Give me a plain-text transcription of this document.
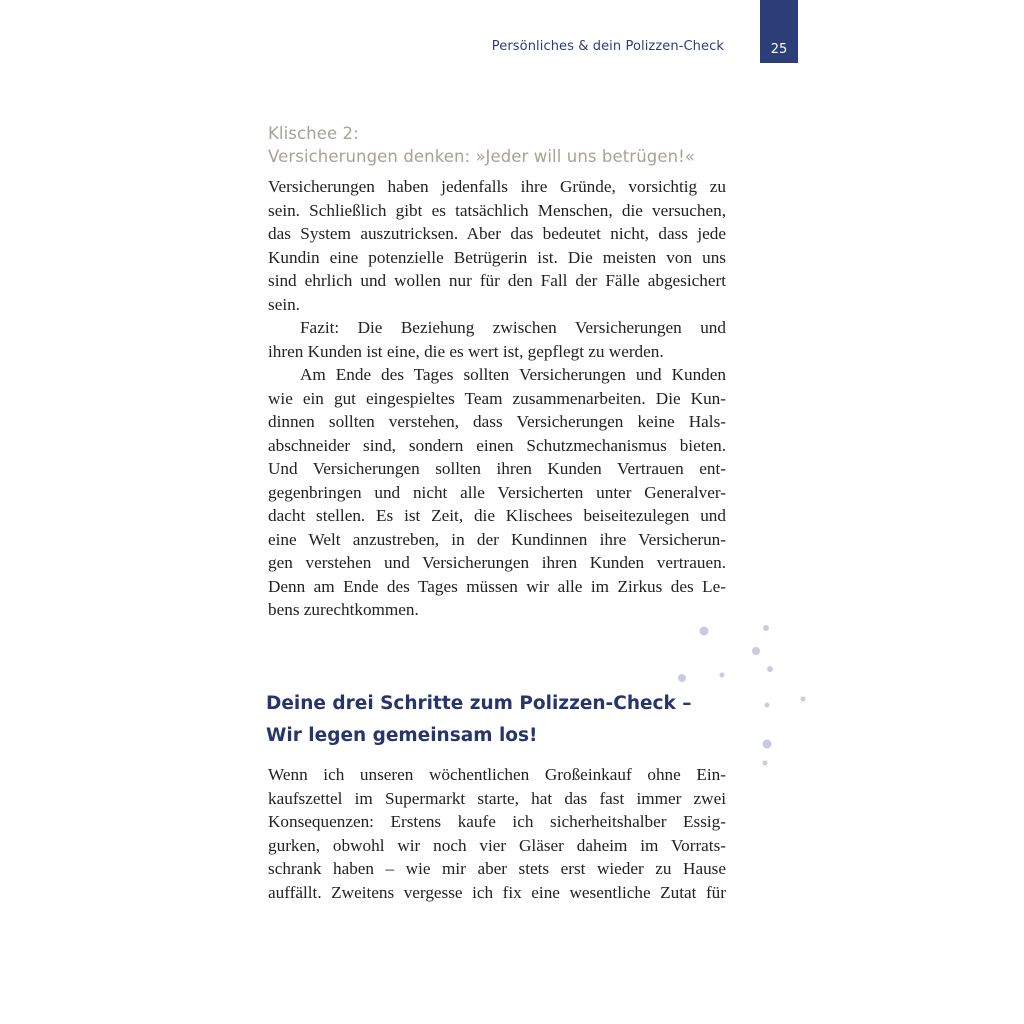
Persönliches & dein Polizzen-Check	25
Klischee 2:
Versicherungen denken: »Jeder will uns betrügen!«
Versicherungen haben jedenfalls ihre Gründe, vorsichtig zu
sein. Schließlich gibt es tatsächlich Menschen, die versuchen,
das System auszutricksen. Aber das bedeutet nicht, dass jede
Kundin eine potenzielle Betrügerin ist. Die meisten von uns
sind ehrlich und wollen nur für den Fall der Fälle abgesichert
sein.
Fazit: Die Beziehung zwischen Versicherungen und
ihren Kunden ist eine, die es wert ist, gepflegt zu werden.
Am Ende des Tages sollten Versicherungen und Kunden
wie ein gut eingespieltes Team zusammenarbeiten. Die Kun-
dinnen sollten verstehen, dass Versicherungen keine Hals-
abschneider sind, sondern einen Schutzmechanismus bieten.
Und Versicherungen sollten ihren Kunden Vertrauen ent-
gegenbringen und nicht alle Versicherten unter Generalver-
dacht stellen. Es ist Zeit, die Klischees beiseitezulegen und
eine Welt anzustreben, in der Kundinnen ihre Versicherun-
gen verstehen und Versicherungen ihren Kunden vertrauen.
Denn am Ende des Tages müssen wir alle im Zirkus des Le-
bens zurechtkommen.
Deine drei Schritte zum Polizzen-Check –
Wir legen gemeinsam los!
Wenn ich unseren wöchentlichen Großeinkauf ohne Ein-
kaufszettel im Supermarkt starte, hat das fast immer zwei
Konsequenzen: Erstens kaufe ich sicherheitshalber Essig-
gurken, obwohl wir noch vier Gläser daheim im Vorrats-
schrank haben – wie mir aber stets erst wieder zu Hause
auffällt. Zweitens vergesse ich fix eine wesentliche Zutat für
